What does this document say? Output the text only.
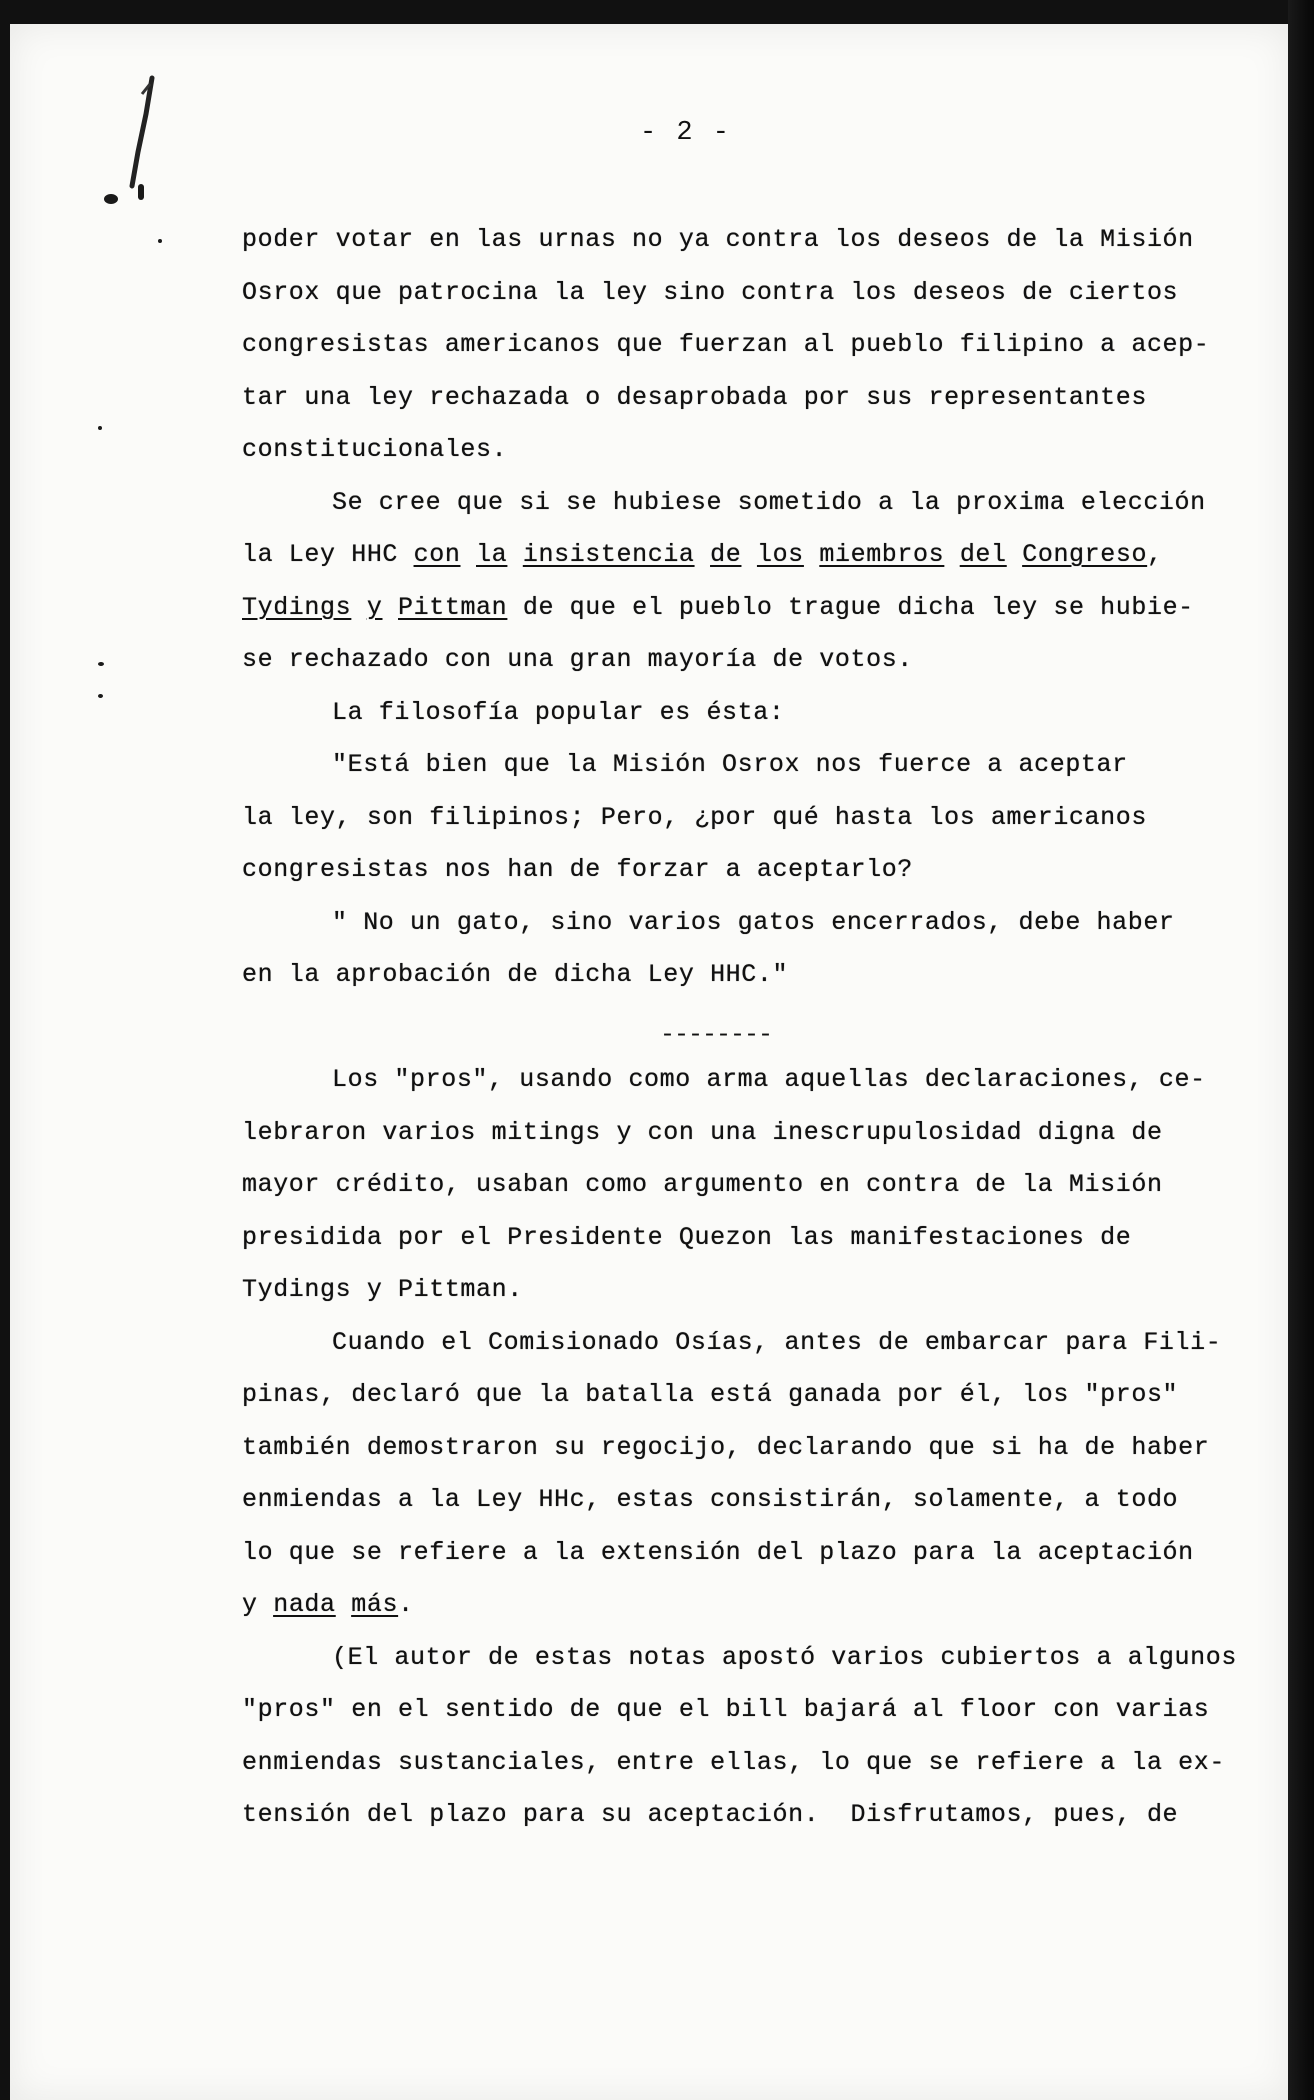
- 2 -
poder votar en las urnas no ya contra los deseos de la Misión
Osrox que patrocina la ley sino contra los deseos de ciertos
congresistas americanos que fuerzan al pueblo filipino a acep-
tar una ley rechazada o desaprobada por sus representantes
constitucionales.
Se cree que si se hubiese sometido a la proxima elección
la Ley HHC con la insistencia de los miembros del Congreso,
Tydings y Pittman de que el pueblo trague dicha ley se hubie-
se rechazado con una gran mayoría de votos.
La filosofía popular es ésta:
"Está bien que la Misión Osrox nos fuerce a aceptar
la ley, son filipinos; Pero, ¿por qué hasta los americanos
congresistas nos han de forzar a aceptarlo?
" No un gato, sino varios gatos encerrados, debe haber
en la aprobación de dicha Ley HHC."
Los "pros", usando como arma aquellas declaraciones, ce-
lebraron varios mitings y con una inescrupulosidad digna de
mayor crédito, usaban como argumento en contra de la Misión
presidida por el Presidente Quezon las manifestaciones de
Tydings y Pittman.
Cuando el Comisionado Osías, antes de embarcar para Fili-
pinas, declaró que la batalla está ganada por él, los "pros"
también demostraron su regocijo, declarando que si ha de haber
enmiendas a la Ley HHc, estas consistirán, solamente, a todo
lo que se refiere a la extensión del plazo para la aceptación
y nada más.
(El autor de estas notas apostó varios cubiertos a algunos
"pros" en el sentido de que el bill bajará al floor con varias
enmiendas sustanciales, entre ellas, lo que se refiere a la ex-
tensión del plazo para su aceptación.  Disfrutamos, pues, de
--------
